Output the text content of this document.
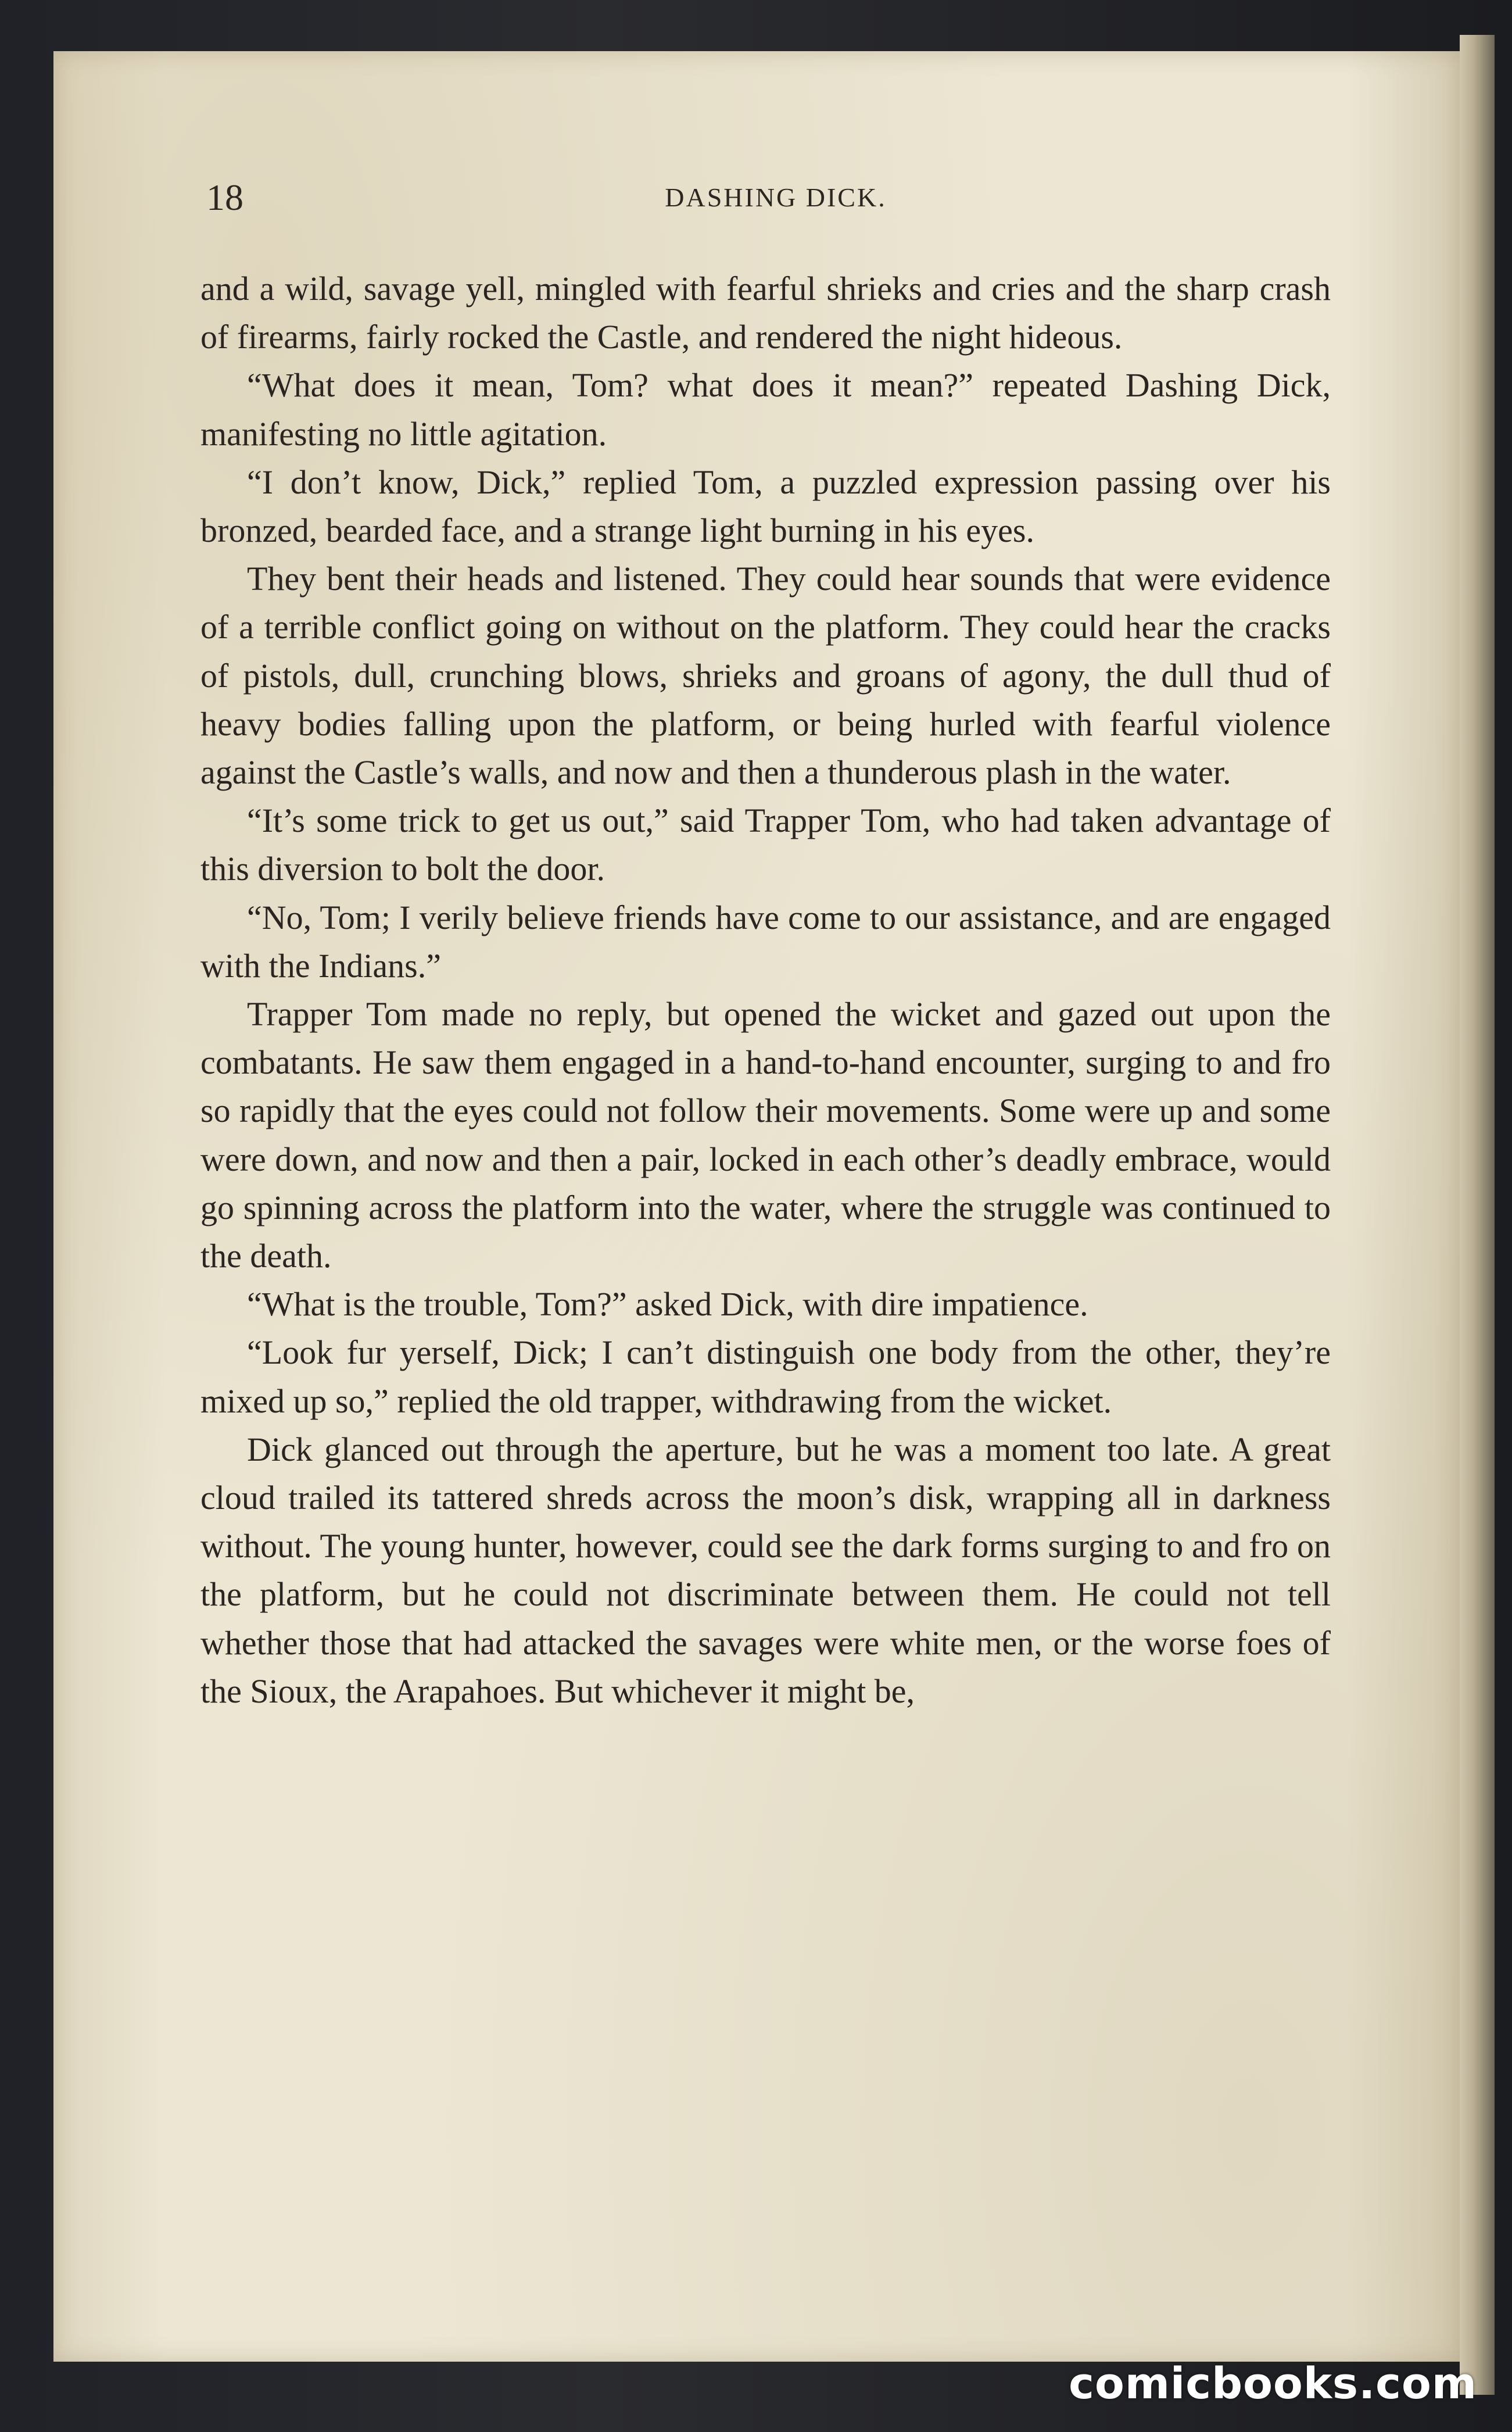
18	DASHING DICK.

and a wild, savage yell, mingled with fearful shrieks and cries and the sharp crash of firearms, fairly rocked the Castle, and rendered the night hideous.

“What does it mean, Tom? what does it mean?” repeated Dashing Dick, manifesting no little agitation.

“I don’t know, Dick,” replied Tom, a puzzled expression passing over his bronzed, bearded face, and a strange light burning in his eyes.

They bent their heads and listened. They could hear sounds that were evidence of a terrible conflict going on without on the platform. They could hear the cracks of pistols, dull, crunching blows, shrieks and groans of agony, the dull thud of heavy bodies falling upon the platform, or being hurled with fearful violence against the Castle’s walls, and now and then a thunderous plash in the water.

“It’s some trick to get us out,” said Trapper Tom, who had taken advantage of this diversion to bolt the door.

“No, Tom; I verily believe friends have come to our assistance, and are engaged with the Indians.”

Trapper Tom made no reply, but opened the wicket and gazed out upon the combatants. He saw them engaged in a hand-to-hand encounter, surging to and fro so rapidly that the eyes could not follow their movements. Some were up and some were down, and now and then a pair, locked in each other’s deadly embrace, would go spinning across the platform into the water, where the struggle was continued to the death.

“What is the trouble, Tom?” asked Dick, with dire impatience.

“Look fur yerself, Dick; I can’t distinguish one body from the other, they’re mixed up so,” replied the old trapper, withdrawing from the wicket.

Dick glanced out through the aperture, but he was a moment too late. A great cloud trailed its tattered shreds across the moon’s disk, wrapping all in darkness without. The young hunter, however, could see the dark forms surging to and fro on the platform, but he could not discriminate between them. He could not tell whether those that had attacked the savages were white men, or the worse foes of the Sioux, the Arapahoes. But whichever it might be,

comicbooks.com
